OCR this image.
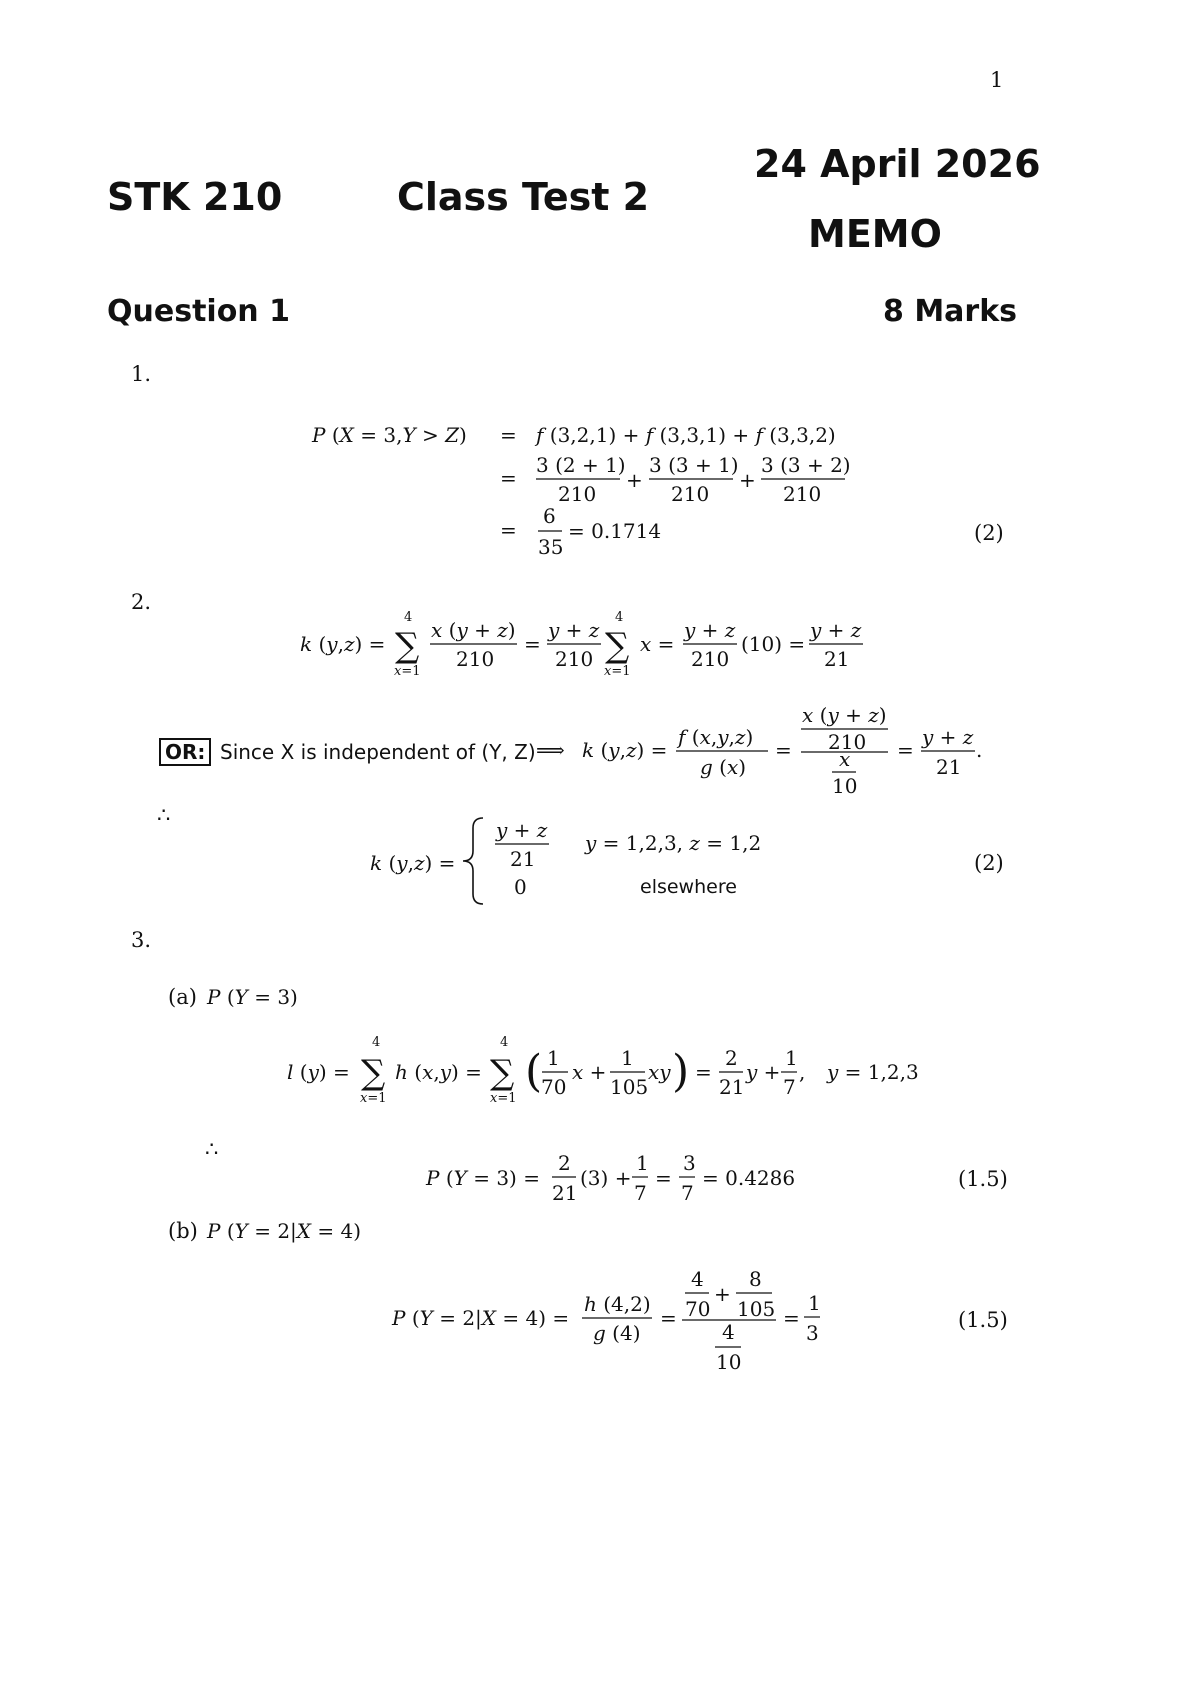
1
STK 210	Class Test 2
24 April 2026
MEMO
Question 1	8 Marks
1.
P (X = 3,Y > Z) = f (3,2,1) + f (3,3,1) + f (3,3,2)
=
3 (2 + 1)
210
+
3 (3 + 1)
210
+
3 (3 + 2)
210
=
6
35
= 0.1714	(2)
2.
k (y,z) =
4
∑
x=1
x (y + z)
210
=
y + z
210
4
∑
x=1
x =
y + z
210
(10) =
y + z
21
OR: Since X is independent of (Y, Z) ⟹ k (y,z) =
f (x,y,z)
g (x)
=
x (y + z)
210
x
10
=
y + z
21
.
∴
k (y,z) =
y + z
21
y = 1,2,3, z = 1,2
0	elsewhere
(2)
3.
(a) P (Y = 3)
l (y) =
4
∑
x=1
h (x,y) =
4
∑
x=1
( 1
70
x +
1
105
xy ) =
2
21
y +
1
7
, y = 1,2,3
∴
P (Y = 3) =
2
21
(3) +
1
7
=
3
7
= 0.4286	(1.5)
(b) P (Y = 2|X = 4)
P (Y = 2|X = 4) =
h (4,2)
g (4)
=
4
70
+
8
105
4
10
=
1
3
(1.5)
